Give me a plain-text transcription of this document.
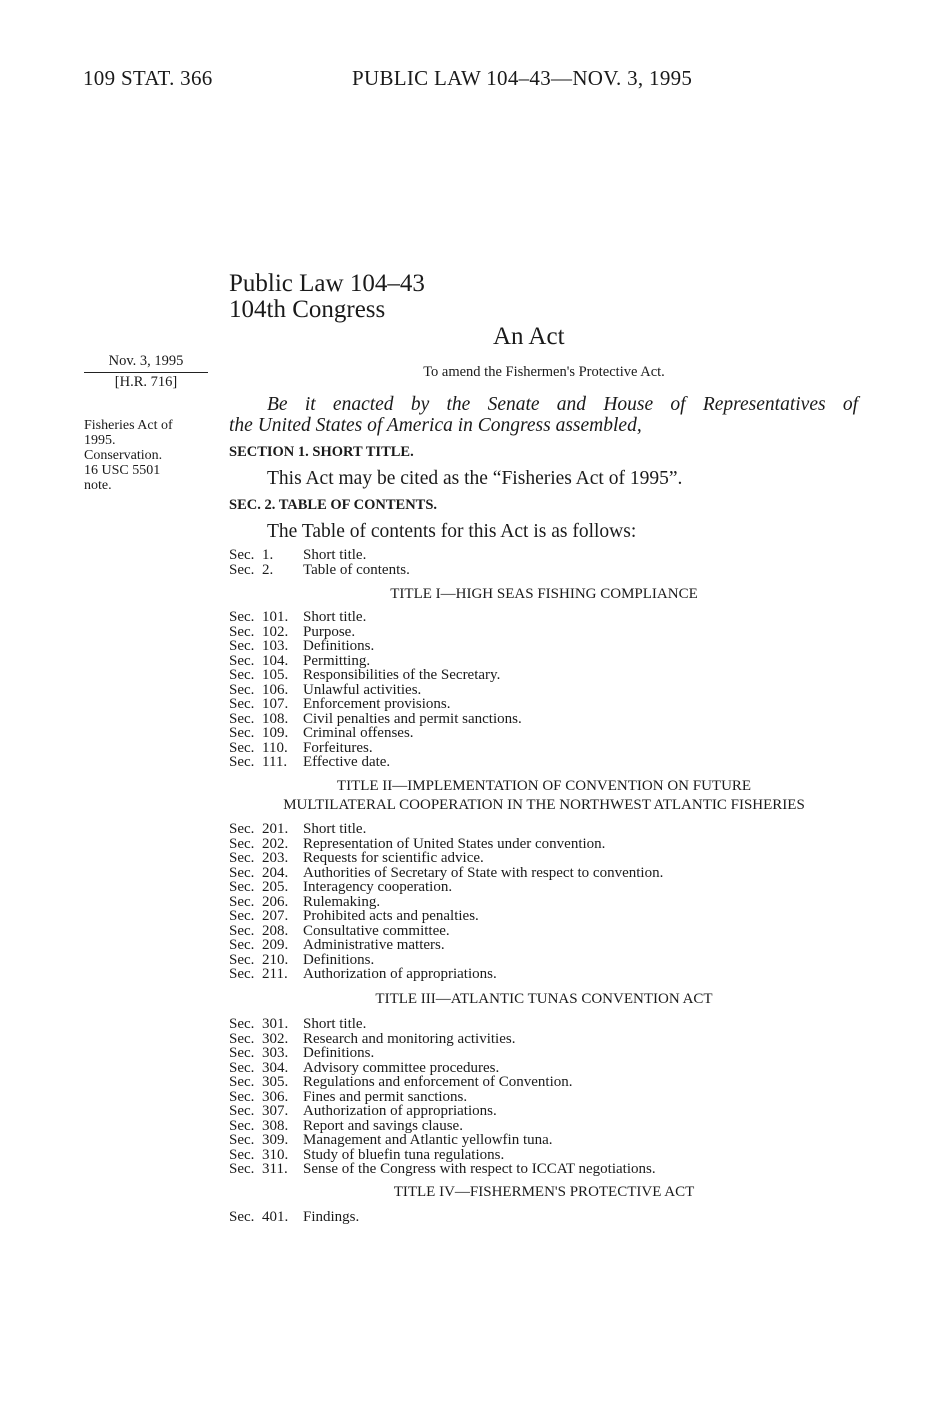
109 STAT. 366	PUBLIC LAW 104–43—NOV. 3, 1995
Public Law 104–43
104th Congress
An Act
Nov. 3, 1995
[H.R. 716]
Fisheries Act of
1995.
Conservation.
16 USC 5501
note.
To amend the Fishermen's Protective Act.
Be it enacted by the Senate and House of Representatives of
the United States of America in Congress assembled,
SECTION 1. SHORT TITLE.
This Act may be cited as the “Fisheries Act of 1995”.
SEC. 2. TABLE OF CONTENTS.
The Table of contents for this Act is as follows:
Sec. 1.	Short title.
Sec. 2.	Table of contents.
TITLE I—HIGH SEAS FISHING COMPLIANCE
Sec. 101. Short title.
Sec. 102. Purpose.
Sec. 103. Definitions.
Sec. 104. Permitting.
Sec. 105. Responsibilities of the Secretary.
Sec. 106. Unlawful activities.
Sec. 107. Enforcement provisions.
Sec. 108. Civil penalties and permit sanctions.
Sec. 109. Criminal offenses.
Sec. 110.	Forfeitures.
Sec. 111.	Effective date.
TITLE II—IMPLEMENTATION OF CONVENTION ON FUTURE
MULTILATERAL COOPERATION IN THE NORTHWEST ATLANTIC FISHERIES
Sec. 201. Short title.
Sec. 202. Representation of United States under convention.
Sec. 203. Requests for scientific advice.
Sec. 204. Authorities of Secretary of State with respect to convention.
Sec. 205. Interagency cooperation.
Sec. 206. Rulemaking.
Sec. 207. Prohibited acts and penalties.
Sec. 208. Consultative committee.
Sec. 209. Administrative matters.
Sec. 210. Definitions.
Sec. 211.	Authorization of appropriations.
TITLE III—ATLANTIC TUNAS CONVENTION ACT
Sec. 301. Short title.
Sec. 302. Research and monitoring activities.
Sec. 303. Definitions.
Sec. 304. Advisory committee procedures.
Sec. 305. Regulations and enforcement of Convention.
Sec. 306. Fines and permit sanctions.
Sec. 307. Authorization of appropriations.
Sec. 308. Report and savings clause.
Sec. 309. Management and Atlantic yellowfin tuna.
Sec. 310. Study of bluefin tuna regulations.
Sec. 311.	Sense of the Congress with respect to ICCAT negotiations.
TITLE IV—FISHERMEN'S PROTECTIVE ACT
Sec. 401. Findings.
